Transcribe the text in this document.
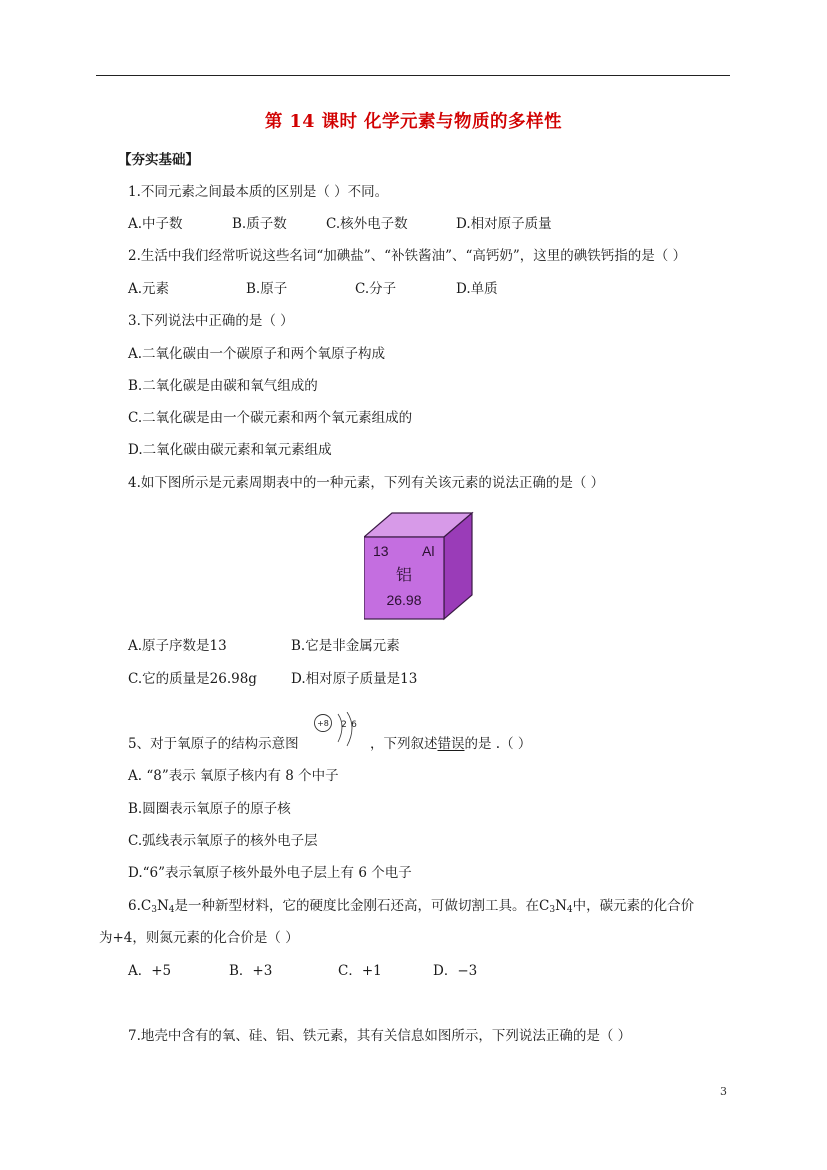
第 14 课时 化学元素与物质的多样性
【夯实基础】
1.不同元素之间最本质的区别是（ ）不同。
A.中子数	B.质子数	C.核外电子数	D.相对原子质量
2.生活中我们经常听说这些名词“加碘盐”、“补铁酱油”、“高钙奶”，这里的碘铁钙指的是（ ）
A.元素	B.原子	C.分子	D.单质
3.下列说法中正确的是（ ）
A.二氧化碳由一个碳原子和两个氧原子构成
B.二氧化碳是由碳和氧气组成的
C.二氧化碳是由一个碳元素和两个氧元素组成的
D.二氧化碳由碳元素和氧元素组成
4.如下图所示是元素周期表中的一种元素，下列有关该元素的说法正确的是（ ）
13 Al
铝
26.98
A.原子序数是13	B.它是非金属元素
C.它的质量是26.98g	D.相对原子质量是13
5、对于氧原子的结构示意图
+8 2 6
，下列叙述错误的是 .（ ）
A. “8”表示 氧原子核内有 8 个中子
B.圆圈表示氧原子的原子核
C.弧线表示氧原子的核外电子层
D.“6”表示氧原子核外最外电子层上有 6 个电子
$6.C_3N_4$是一种新型材料，它的硬度比金刚石还高，可做切割工具。在$C_3N_4$中，碳元素的化合价
为+4，则氮元素的化合价是（ ）
A．+5	B．+3	C．+1	D．−3
7.地壳中含有的氧、硅、铝、铁元素，其有关信息如图所示，下列说法正确的是（ ）
3
